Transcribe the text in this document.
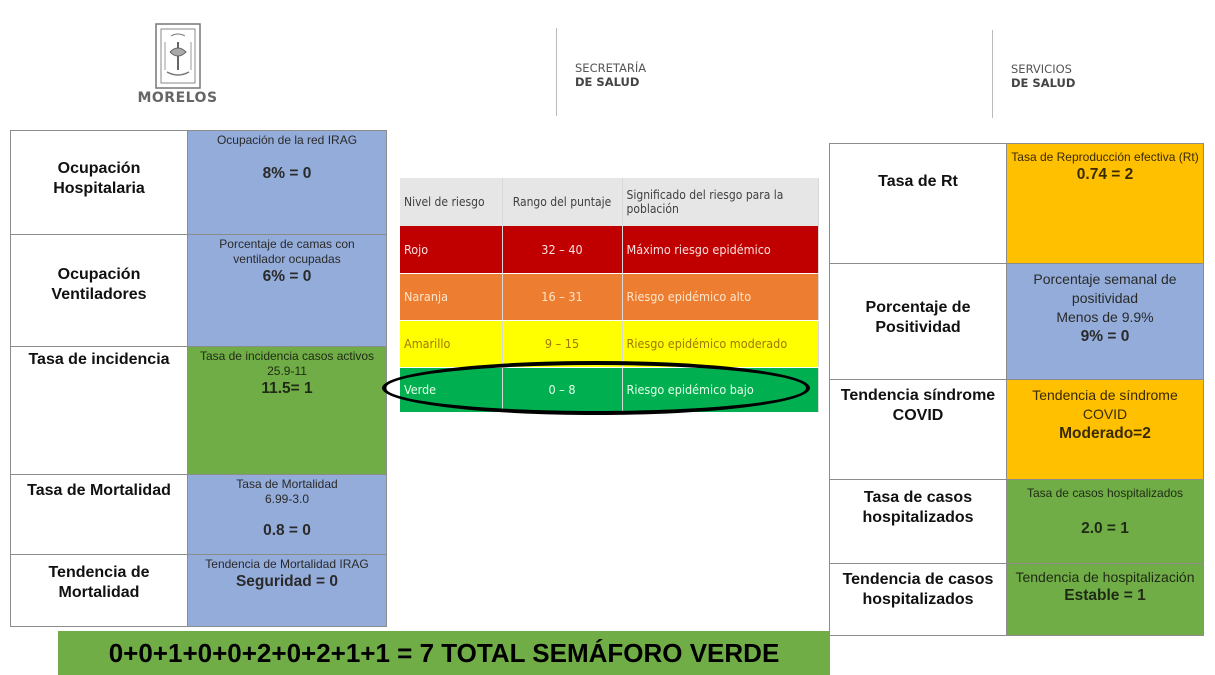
MORELOS
SECRETARÍA
DE SALUD
SERVICIOS
DE SALUD
Ocupación Hospitalaria	Ocupación de la red IRAG
8% = 0

Ocupación Ventiladores	Porcentaje de camas con ventilador ocupadas
6% = 0

Tasa de incidencia	Tasa de incidencia casos activos
25.9-11
11.5= 1

Tasa de Mortalidad	Tasa de Mortalidad
6.99-3.0
0.8 = 0

Tendencia de Mortalidad	Tendencia de Mortalidad IRAG
Seguridad = 0
Nivel de riesgo	Rango del puntaje	Significado del riesgo para la población
Rojo	32 – 40	Máximo riesgo epidémico
Naranja	16 – 31	Riesgo epidémico alto
Amarillo	9 – 15	Riesgo epidémico moderado
Verde	0 – 8	Riesgo epidémico bajo
Tasa de Rt	Tasa de Reproducción efectiva (Rt)
0.74 = 2

Porcentaje de Positividad	Porcentaje semanal de positividad
Menos de 9.9%
9% = 0

Tendencia síndrome COVID	Tendencia de síndrome COVID
Moderado=2

Tasa de casos hospitalizados	Tasa de casos hospitalizados
2.0 = 1

Tendencia de casos hospitalizados	Tendencia de hospitalización
Estable = 1
0+0+1+0+0+2+0+2+1+1 = 7 TOTAL SEMÁFORO VERDE
